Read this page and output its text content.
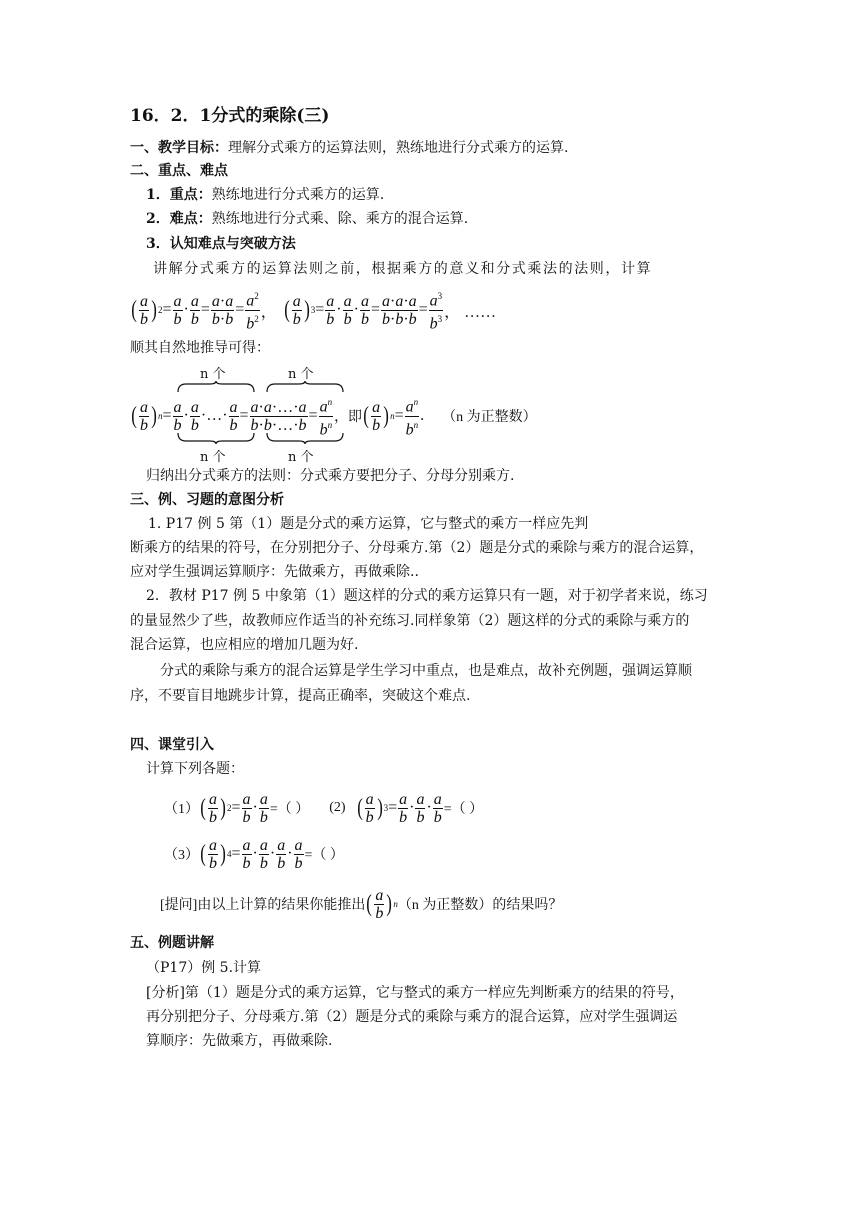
16．2．1分式的乘除(三)
一、教学目标：理解分式乘方的运算法则，熟练地进行分式乘方的运算.
二、重点、难点
1．重点：熟练地进行分式乘方的运算.
2．难点：熟练地进行分式乘、除、乘方的混合运算.
3．认知难点与突破方法
讲解分式乘方的运算法则之前，根据乘方的意义和分式乘法的法则，计算
( a
b ) 2 = a
b
· a
b
= a·a
b·b
= $a^2$
$b^2$ ， ( a
b ) 3 = a
b
· a
b
· a
b
= a·a·a
b·b·b
= $a^3$
$b^3$ ， ……
顺其自然地推导可得：
n 个	n 个
( a
b ) n = a
b
· a
b
·…· a
b
= a·a·…·a
b·b·…·b
= $a^n$
$b^n$ ，即 ( a
b ) $n = a^n$
$b^n$
. （n 为正整数）
n 个	n 个
归纳出分式乘方的法则：分式乘方要把分子、分母分别乘方.
三、例、习题的意图分析
1. P17 例 5 第（1）题是分式的乘方运算，它与整式的乘方一样应先判
断乘方的结果的符号，在分别把分子、分母乘方.第（2）题是分式的乘除与乘方的混合运算，
应对学生强调运算顺序：先做乘方，再做乘除..
2．教材 P17 例 5 中象第（1）题这样的分式的乘方运算只有一题，对于初学者来说，练习
的量显然少了些，故教师应作适当的补充练习.同样象第（2）题这样的分式的乘除与乘方的
混合运算，也应相应的增加几题为好.
分式的乘除与乘方的混合运算是学生学习中重点，也是难点，故补充例题，强调运算顺
序，不要盲目地跳步计算，提高正确率，突破这个难点.
四、课堂引入
计算下列各题：
（1） ( a
b ) 2 = a
b
· $\frac{a}{b}$ =（ ） (2) ( a
b ) 3 = a
b
· a
b
· $\frac{a}{b}$ =（ ）
（3） ( a
b ) 4 = a
b
· a
b
· a
b
· $\frac{a}{b}$ =（ ）
[提问]由以上计算的结果你能推出 ( a
b ) n （n 为正整数）的结果吗？
五、例题讲解
（P17）例 5.计算
[分析]第（1）题是分式的乘方运算，它与整式的乘方一样应先判断乘方的结果的符号，
再分别把分子、分母乘方.第（2）题是分式的乘除与乘方的混合运算，应对学生强调运
算顺序：先做乘方，再做乘除.
